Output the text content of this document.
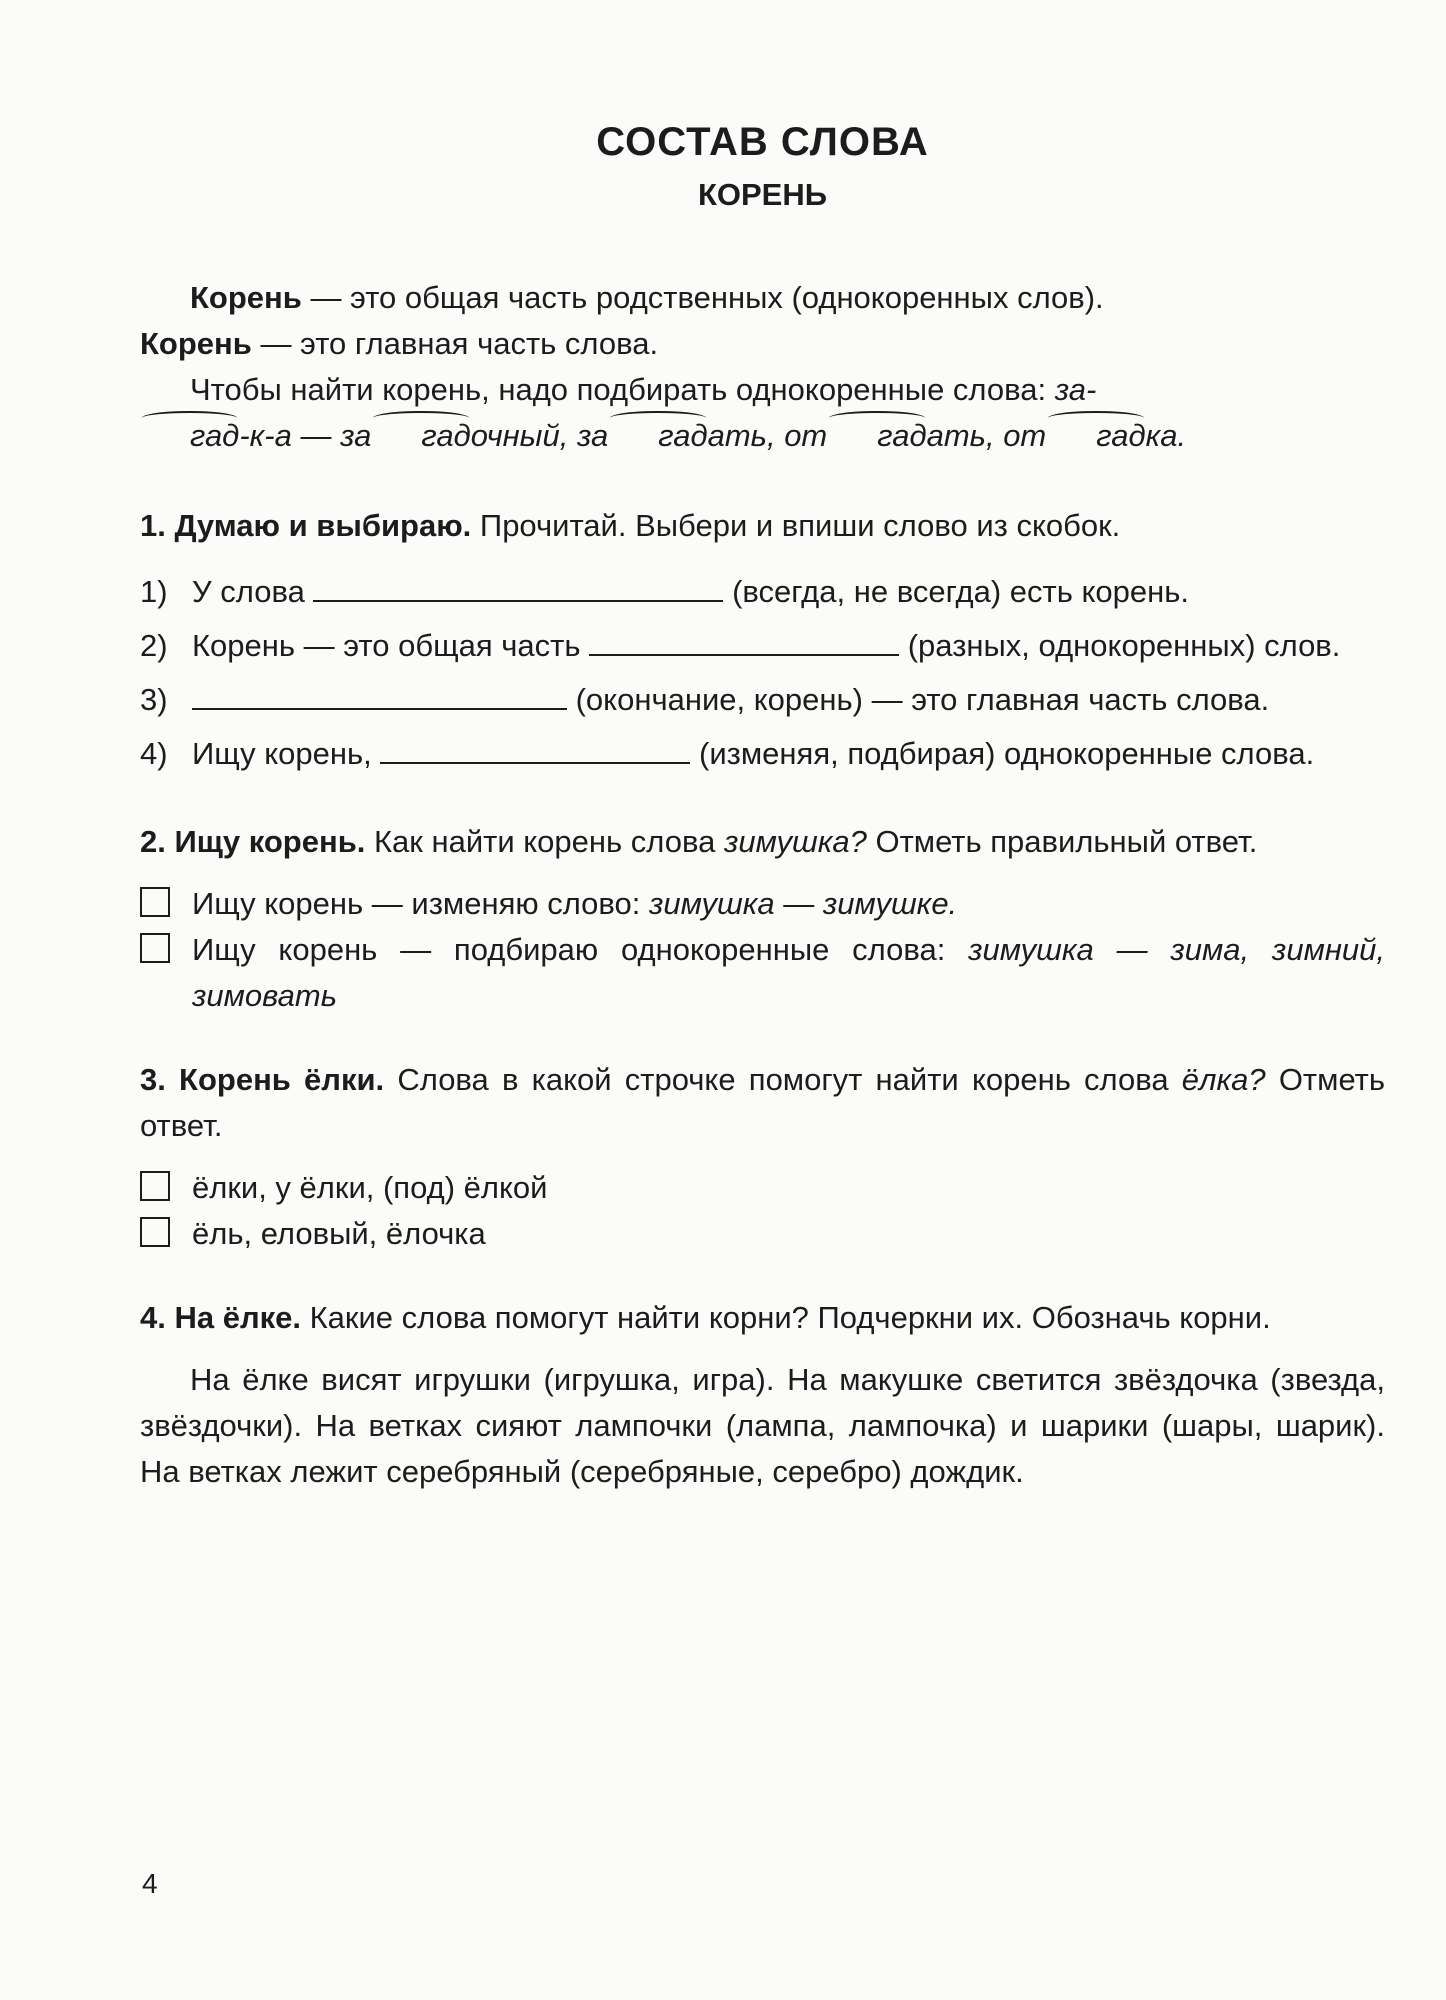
СОСТАВ СЛОВА
КОРЕНЬ

Корень — это общая часть родственных (однокоренных слов).

Корень — это главная часть слова.

Чтобы найти корень, надо подбирать однокоренные слова: за-
гад-к-а — за гадочный, за гадать, от гадать, от гадка.

1. Думаю и выбираю. Прочитай. Выбери и впиши слово из скобок.

1) У слова	(всегда, не всегда) есть корень.
2) Корень — это общая часть	(разных, однокоренных) слов.
3)	(окончание, корень) — это главная часть слова.
4) Ищу корень,	(изменяя, подбирая) однокоренные слова.

2. Ищу корень. Как найти корень слова зимушка? Отметь правильный ответ.

Ищу корень — изменяю слово: зимушка — зимушке.
Ищу корень — подбираю однокоренные слова: зимушка — зима, зимний, зимовать

3. Корень ёлки. Слова в какой строчке помогут найти корень слова ёлка? Отметь ответ.

ёлки, у ёлки, (под) ёлкой
ёль, еловый, ёлочка

4. На ёлке. Какие слова помогут найти корни? Подчеркни их. Обозначь корни.

На ёлке висят игрушки (игрушка, игра). На макушке светится звёздочка (звезда, звёздочки). На ветках сияют лампочки (лампа, лампочка) и шарики (шары, шарик). На ветках лежит серебряный (серебряные, серебро) дождик.

4
